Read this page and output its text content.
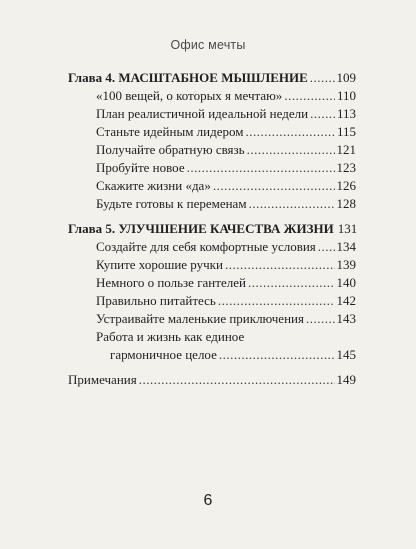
Офис мечты
Глава 4. МАСШТАБНОЕ МЫШЛЕНИЕ ..... 109
«100 вещей, о которых я мечтаю» .....	110
План реалистичной идеальной недели ..... 113
Станьте идейным лидером .....	115
Получайте обратную связь .....	121
Пробуйте новое .....	123
Скажите жизни «да» .....	126
Будьте готовы к переменам .....	128
Глава 5. УЛУЧШЕНИЕ КАЧЕСТВА ЖИЗНИ 131
Создайте для себя комфортные условия ..... 134
Купите хорошие ручки .....	139
Немного о пользе гантелей .....	140
Правильно питайтесь .....	142
Устраивайте маленькие приключения .....	143
Работа и жизнь как единое
гармоничное целое .....	145
Примечания .....	149
6
